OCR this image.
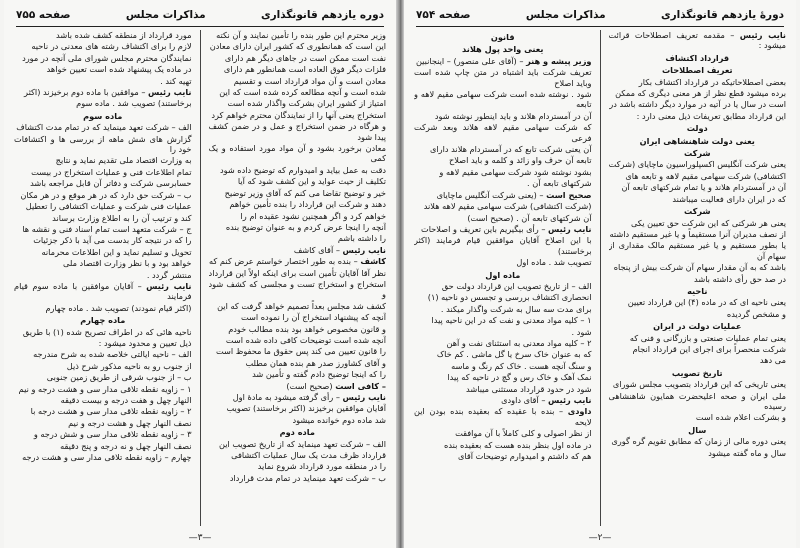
دوره یازدهم قانونگذاری
مذاکرات مجلس
صفحه ۷۵۵

وزیر محترم این طور بنده را تأمین نمایند و آن نکته

این است که همانطوری که کشور ایران دارای معادن

نفت است ممکن است در جاهای دیگر هم دارای

فلزات دیگر فوق العاده است همانطور هم دارای

معادن است و آن مواد قرارداد است و تقسیم

شده است و آنچه مطالعه کرده شده است که این

امتیاز از کشور ایران بشرکت واگذار شده است

استخراج یعنی آنها را از نمایندگان محترم خواهم کرد

و هرگاه در ضمن استخراج و عمل و در ضمن کشف پیدا شود

معادن برخورد بشود و آن مواد مورد استفاده و یک کمی

دقت به عمل بیاید و امیدوارم که توضیح داده شود

تکلیف از حیث عواید و این کشف شود که آیا

خیر و توضیح تقاضا می کنم که آقای وزیر توضیح

دهند و شرکت این قرارداد را بنده تأمین خواهم

خواهم کرد و اگر همچنین نشود عقیده ام را

آنچه را اینجا عرض کردم و به عنوان توضیح بنده

را داشته باشم

نایب رئیس – آقای کاشف

کاشف – بنده به طور اختصار خواستم عرض کنم که

نظر آقا آقایان تأمین است برای اینکه اولاً این قرارداد

استخراج و استخراج تست و مجلسی که کشف شود و

کشف شد مجلس بعداً تصمیم خواهد گرفت که این

آنچه که پیشنهاد استخراج آن را نموده است

و قانون مخصوص خواهد بود بنده مطالب خودم

آنچه شده است توضیحات کافی داده شده است

را قانون تعیین می کند پس حقوق ما محفوظ است

و آقای کشاورز صدر هم بنده همان مطلب

را که اینجا توضیح دادم گفته و تأمین شد

– کافی است (صحیح است)

نایب رئیس – رأی گرفته میشود به مادهٔ اول

آقایان موافقین برخیزند (اکثر برخاستند) تصویب

شد ماده دوم خوانده میشود

ماده دوم

الف – شرکت تعهد مینماید که از تاریخ تصویب این

قرارداد ظرف مدت یک سال عملیات اکتشافی

را در منطقه مورد قرارداد شروع نماید

ب – شرکت تعهد مینماید در تمام مدت قرارداد

مورد قرارداد از منطقه کشف شده باشد

لازم را برای اکتشاف رشته های معدنی در ناحیه

نمایندگان محترم مجلس شورای ملی آنچه در مورد

در ماده یک پیشنهاد شده است تعیین خواهد

تهیه کند .

نایب رئیس – موافقین با ماده دوم برخیزند (اکثر

برخاستند) تصویب شد . ماده سوم

ماده سوم

الف – شرکت تعهد مینماید که در تمام مدت اکتشاف

گزارش های شش ماهه از بررسی ها و اکتشافات خود را

به وزارت اقتصاد ملی تقدیم نماید و نتایج

تمام اطلاعات فنی و عملیات استخراج در بیست

حسابرسی شرکت و دفاتر آن قابل مراجعه باشد

ب – شرکت حق دارد که در هر موقع و در هر مکان

عملیات فنی شرکت و عملیات اکتشافی را تعطیل

کند و ترتیب آن را به اطلاع وزارت برساند

ج – شرکت متعهد است تمام اسناد فنی و نقشه ها

را که در نتیجه کار بدست می آید با ذکر جزئیات

تحویل و تسلیم نماید و این اطلاعات محرمانه

خواهد بود و با نظر وزارت اقتصاد ملی

منتشر گردد .

نایب رئیس – آقایان موافقین با ماده سوم قیام فرمایند

(اکثر قیام نمودند) تصویب شد . ماده چهارم

ماده چهارم

ناحیه هائی که در اطراف تصریح شده (۱) با طریق

ذیل تعیین و محدود میشود :

الف – ناحیه ایالتی خلاصه شده به شرح مندرجه

از جنوب رو به ناحیه مذکور شرح ذیل

ب – از جنوب شرقی از طریق زمین جنوبی

۱ – زاویه نقطه تلاقی مدار سی و هشت درجه و نیم

النهار چهل و هفت درجه و بیست دقیقه

۲ – زاویه نقطه تلاقی مدار سی و هشت درجه با

نصف النهار چهل و هشت درجه و نیم

۳ – زاویه نقطه تلاقی مدار سی و شش درجه و

نصف النهار چهل و نه درجه و پنج دقیقه

چهارم – زاویه نقطه تلاقی مدار سی و هشت درجه

—۳—
دورهٔ یازدهم قانونگذاری
مذاکرات مجلس
صفحه ۷۵۴

نایب رئیس – مقدمه تعریف اصطلاحات قرائت میشود :

قرارداد اکتشاف
تعریف اصطلاحات

بعضی اصطلاحاتیکه در قرارداد اکتشاف بکار

برده میشود قطع نظر از هر معنی دیگری که ممکن

است در سال یا در آتیه در موارد دیگر داشته باشد در

این قرارداد مطابق تعریفات ذیل معنی دارد :

دولت
یعنی دولت شاهنشاهی ایران
شرکت

یعنی شرکت آنگلیس اکسپلوراسیون ماچایای (شرکت

اکتشافی) شرکت سهامی مقیم لاهه و تابعه های

آن در آمستردام هلاند و یا تمام شرکتهای تابعه آن

که در ایران دارای فعالیت میباشند

شرکت

یعنی هر شرکتی که این شرکت حق تعیین یکی

از نصف مدیران آنرا مستقیماً و یا غیر مستقیم داشته

یا بطور مستقیم و یا غیر مستقیم مالک مقداری از سهام آن

باشد که به آن مقدار سهام آن شرکت بیش از پنجاه

در صد حق رأی داشته باشد

ناحیه

یعنی ناحیه ای که در ماده (۴) این قرارداد تعیین

و مشخص گردیده

عملیات دولت در ایران

یعنی تمام عملیات صنعتی و بازرگانی و فنی که

شرکت منحصراً برای اجرای این قرارداد انجام

می دهد

تاریخ تصویب

یعنی تاریخی که این قرارداد بتصویب مجلس شورای

ملی ایران و صحه اعلیحضرت همایون شاهنشاهی رسیده

و بشرکت اعلام شده است

سال

یعنی دوره مالی از زمان که مطابق تقویم گره گوری

سال و ماه گفته میشود

قانون
یعنی واحد پول هلاند

وزیر پیشه و هنر – (آقای علی منصور) – اینجانبین

تعریف شرکت باید اشتباه در متن چاپ شده است وباید اصلاح

شود . نوشته شده است شرکت سهامی مقیم لاهه و تابعه

آن در آمستردام هلاند و باید اینطور نوشته شود

که شرکت سهامی مقیم لاهه هلاند وبعد شرکت فرعی

آن یعنی شرکت تابع که در آمستردام هلاند دارای

تابعه آن حرف واو زائد و کلمه و باید اصلاح

بشود نوشته شود شرکت سهامی مقیم لاهه و

شرکتهای تابعه آن .

صحیح است – (یعنی شرکت آنگلیس ماچایای

(شرکت اکتشافی) شرکت سهامی مقیم لاهه هلاند

آن شرکتهای تابعه آن . (صحیح است)

نایب رئیس – رأی بیگیریم باین تعریف و اصلاحات

با این اصلاح آقایان موافقین قیام فرمایند (اکثر برخاستند)

تصویب شد . ماده اول

ماده اول

الف – از تاریخ تصویب این قرارداد دولت حق

انحصاری اکتشاف بررسی و تجسس دو ناحیه (۱)

برای مدت سه سال به شرکت واگذار میکند .

۱ – کلیه مواد معدنی و نفت که در این ناحیه پیدا

شود .

۲ – کلیه مواد معدنی به استثنای نفت و آهن

که به عنوان خاک سرخ یا گل ماشی . کم خاک

و سنگ آنچه هست . خاک کم رنگ و ماسه

نمک آهک و خاک رس و گچ در ناحیه که پیدا

شود در حدود قرارداد مستثنی میباشد

نایب رئیس – آقای داودی

داودی – بنده با عقیده که بعقیده بنده بودن این لایحه

از نظر اصولی و کلی کاملاً با آن موافقت

در ماده اول بنظر بنده هست که بعقیده بنده

هم که داشتم و امیدوارم توضیحات آقای

—۲—
